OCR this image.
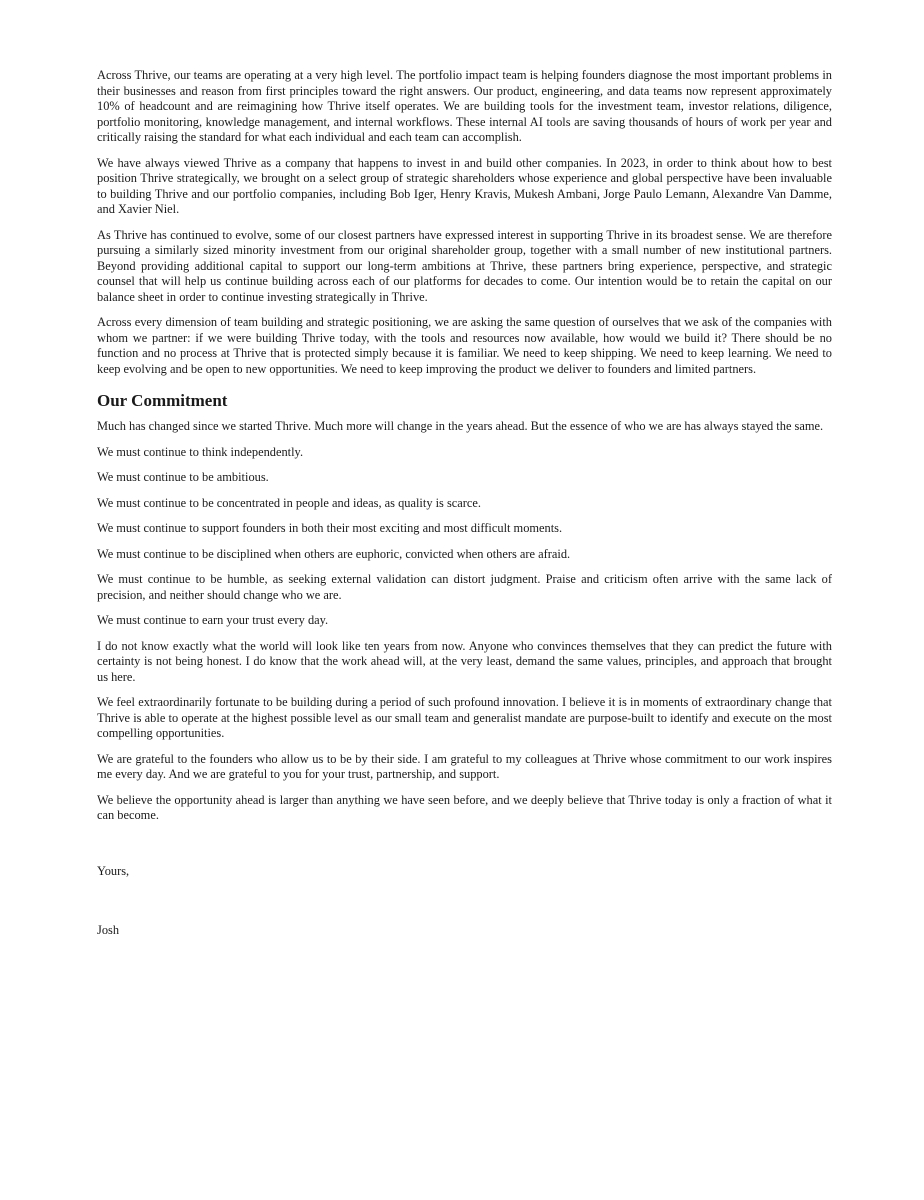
Across Thrive, our teams are operating at a very high level. The portfolio impact team is helping founders diagnose the most important problems in their businesses and reason from first principles toward the right answers. Our product, engineering, and data teams now represent approximately 10% of headcount and are reimagining how Thrive itself operates. We are building tools for the investment team, investor relations, diligence, portfolio monitoring, knowledge management, and internal workflows. These internal AI tools are saving thousands of hours of work per year and critically raising the standard for what each individual and each team can accomplish.

We have always viewed Thrive as a company that happens to invest in and build other companies. In 2023, in order to think about how to best position Thrive strategically, we brought on a select group of strategic shareholders whose experience and global perspective have been invaluable to building Thrive and our portfolio companies, including Bob Iger, Henry Kravis, Mukesh Ambani, Jorge Paulo Lemann, Alexandre Van Damme, and Xavier Niel.

As Thrive has continued to evolve, some of our closest partners have expressed interest in supporting Thrive in its broadest sense. We are therefore pursuing a similarly sized minority investment from our original shareholder group, together with a small number of new institutional partners. Beyond providing additional capital to support our long-term ambitions at Thrive, these partners bring experience, perspective, and strategic counsel that will help us continue building across each of our platforms for decades to come. Our intention would be to retain the capital on our balance sheet in order to continue investing strategically in Thrive.

Across every dimension of team building and strategic positioning, we are asking the same question of ourselves that we ask of the companies with whom we partner: if we were building Thrive today, with the tools and resources now available, how would we build it? There should be no function and no process at Thrive that is protected simply because it is familiar. We need to keep shipping. We need to keep learning. We need to keep evolving and be open to new opportunities. We need to keep improving the product we deliver to founders and limited partners.

Our Commitment

Much has changed since we started Thrive. Much more will change in the years ahead. But the essence of who we are has always stayed the same.

We must continue to think independently.

We must continue to be ambitious.

We must continue to be concentrated in people and ideas, as quality is scarce.

We must continue to support founders in both their most exciting and most difficult moments.

We must continue to be disciplined when others are euphoric, convicted when others are afraid.

We must continue to be humble, as seeking external validation can distort judgment. Praise and criticism often arrive with the same lack of precision, and neither should change who we are.

We must continue to earn your trust every day.

I do not know exactly what the world will look like ten years from now. Anyone who convinces themselves that they can predict the future with certainty is not being honest. I do know that the work ahead will, at the very least, demand the same values, principles, and approach that brought us here.

We feel extraordinarily fortunate to be building during a period of such profound innovation. I believe it is in moments of extraordinary change that Thrive is able to operate at the highest possible level as our small team and generalist mandate are purpose-built to identify and execute on the most compelling opportunities.

We are grateful to the founders who allow us to be by their side. I am grateful to my colleagues at Thrive whose commitment to our work inspires me every day. And we are grateful to you for your trust, partnership, and support.

We believe the opportunity ahead is larger than anything we have seen before, and we deeply believe that Thrive today is only a fraction of what it can become.

Yours,
Josh
